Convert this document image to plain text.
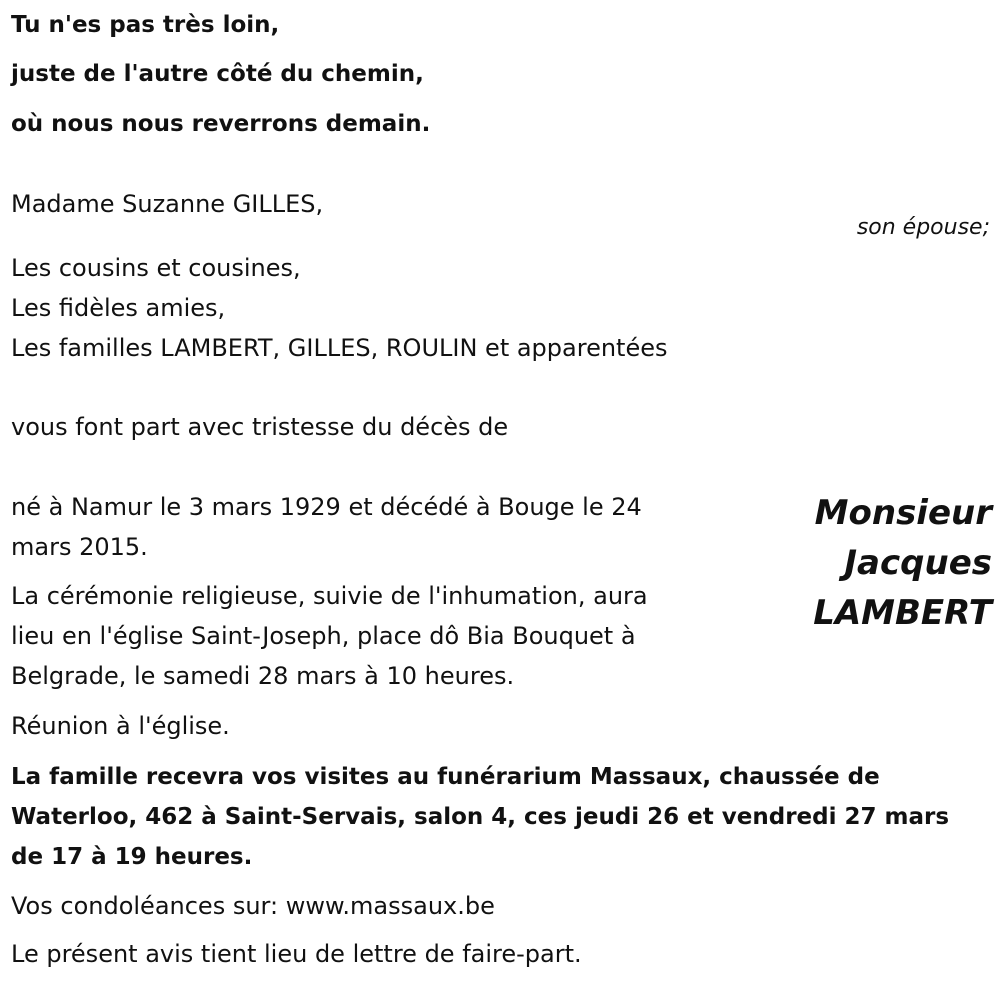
Tu n'es pas très loin,
juste de l'autre côté du chemin,
où nous nous reverrons demain.
Madame Suzanne GILLES,
son épouse;
Les cousins et cousines,
Les fidèles amies,
Les familles LAMBERT, GILLES, ROULIN et apparentées
vous font part avec tristesse du décès de
Monsieur
Jacques
LAMBERT
né à Namur le 3 mars 1929 et décédé à Bouge le 24
mars 2015.
La cérémonie religieuse, suivie de l'inhumation, aura
lieu en l'église Saint-Joseph, place dô Bia Bouquet à
Belgrade, le samedi 28 mars à 10 heures.
Réunion à l'église.
La famille recevra vos visites au funérarium Massaux, chaussée de
Waterloo, 462 à Saint-Servais, salon 4, ces jeudi 26 et vendredi 27 mars
de 17 à 19 heures.
Vos condoléances sur: www.massaux.be
Le présent avis tient lieu de lettre de faire-part.
